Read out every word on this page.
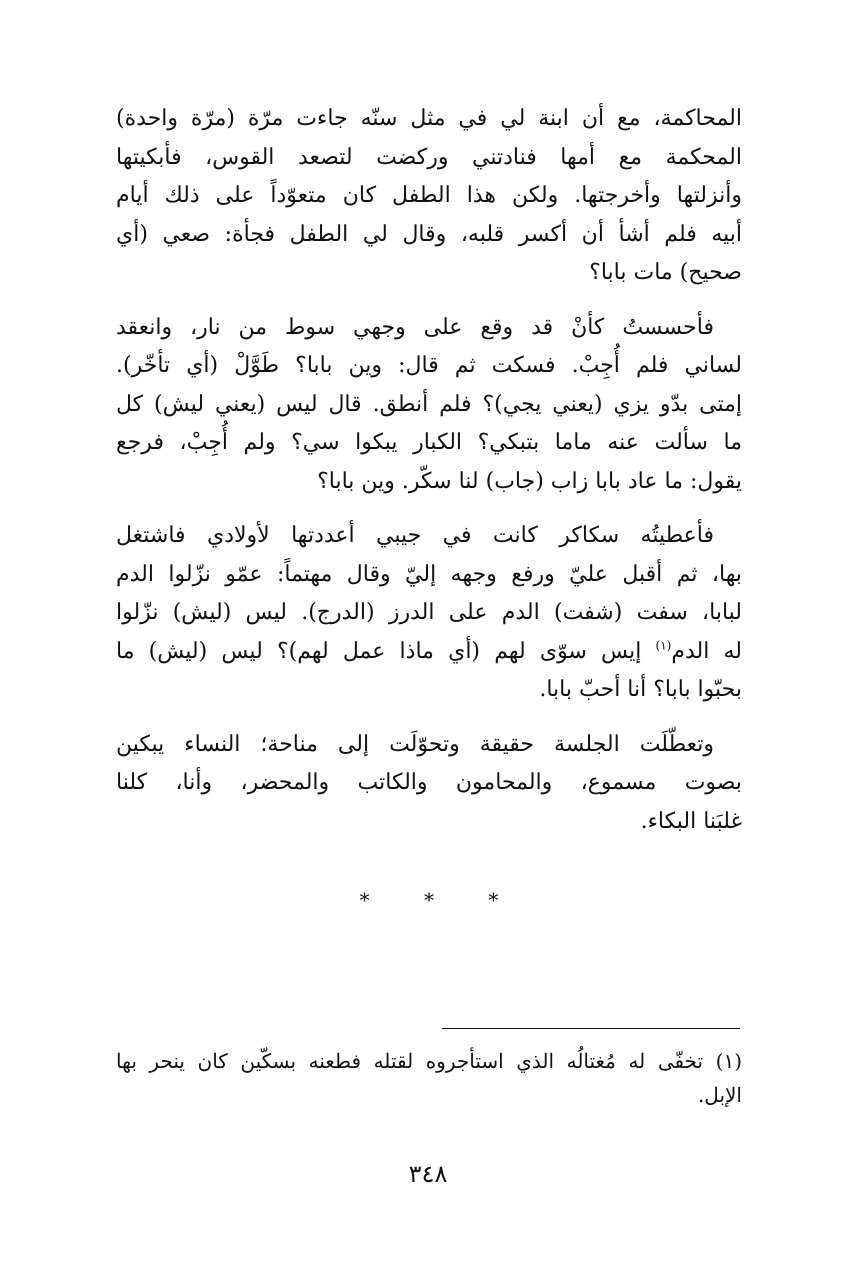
المحاكمة، مع أن ابنة لي في مثل سنّه جاءت مرّة (مرّة واحدة)
المحكمة مع أمها فنادتني وركضت لتصعد القوس، فأبكيتها
وأنزلتها وأخرجتها. ولكن هذا الطفل كان متعوّداً على ذلك أيام
أبيه فلم أشأ أن أكسر قلبه، وقال لي الطفل فجأة: صعي (أي
صحيح) مات بابا؟

فأحسستُ كأنْ قد وقع على وجهي سوط من نار، وانعقد
لساني فلم أُجِبْ. فسكت ثم قال: وين بابا؟ طَوَّلْ (أي تأخّر).
إمتى بدّو يزي (يعني يجي)؟ فلم أنطق. قال ليس (يعني ليش) كل
ما سألت عنه ماما بتبكي؟ الكبار يبكوا سي؟ ولم أُجِبْ، فرجع
يقول: ما عاد بابا زاب (جاب) لنا سكّر. وين بابا؟

فأعطيتُه سكاكر كانت في جيبي أعددتها لأولادي فاشتغل
بها، ثم أقبل عليّ ورفع وجهه إليّ وقال مهتماً: عمّو نزّلوا الدم
لبابا، سفت (شفت) الدم على الدرز (الدرج). ليس (ليش) نزّلوا
له الدم$^{(١)}$ إيس سوّى لهم (أي ماذا عمل لهم)؟ ليس (ليش) ما
بحبّوا بابا؟ أنا أحبّ بابا.

وتعطّلَت الجلسة حقيقة وتحوّلَت إلى مناحة؛ النساء يبكين
بصوت مسموع، والمحامون والكاتب والمحضر، وأنا، كلنا
غلبَنا البكاء.

* * *
(١) تخفّى له مُغتالُه الذي استأجروه لقتله فطعنه بسكّين كان ينحر بها
الإبل.
٣٤٨
